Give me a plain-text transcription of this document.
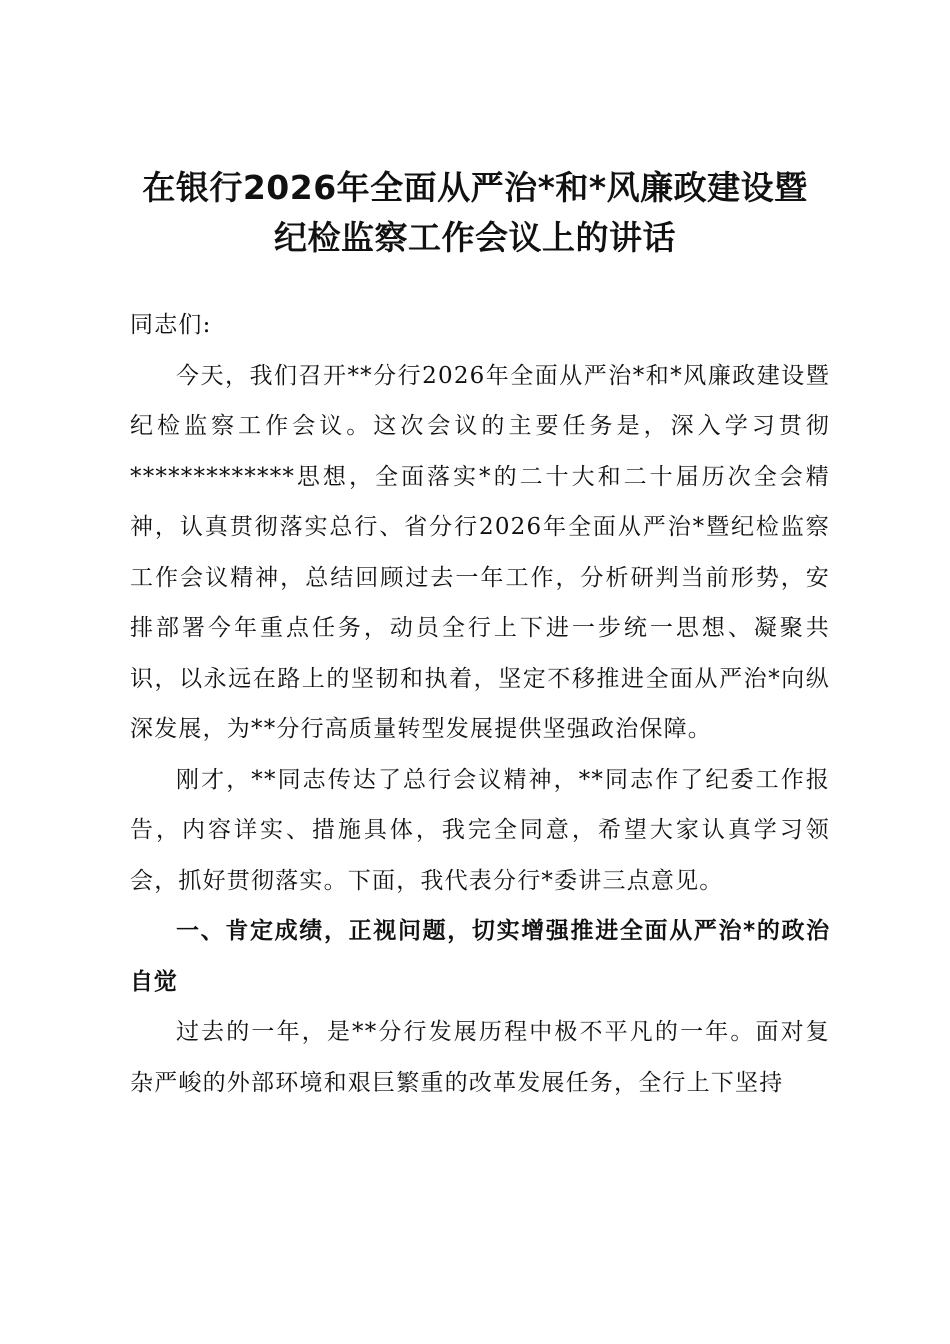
在银行2026年全面从严治*和*风廉政建设暨
纪检监察工作会议上的讲话

同志们:

今天，我们召开**分行2026年全面从严治*和*风廉政建设暨纪检监察工作会议。这次会议的主要任务是，深入学习贯彻*************思想，全面落实*的二十大和二十届历次全会精神，认真贯彻落实总行、省分行2026年全面从严治*暨纪检监察工作会议精神，总结回顾过去一年工作，分析研判当前形势，安排部署今年重点任务，动员全行上下进一步统一思想、凝聚共识，以永远在路上的坚韧和执着，坚定不移推进全面从严治*向纵深发展，为**分行高质量转型发展提供坚强政治保障。

刚才，**同志传达了总行会议精神，**同志作了纪委工作报告，内容详实、措施具体，我完全同意，希望大家认真学习领会，抓好贯彻落实。下面，我代表分行*委讲三点意见。

一、肯定成绩，正视问题，切实增强推进全面从严治*的政治自觉

过去的一年，是**分行发展历程中极不平凡的一年。面对复杂严峻的外部环境和艰巨繁重的改革发展任务，全行上下坚持
